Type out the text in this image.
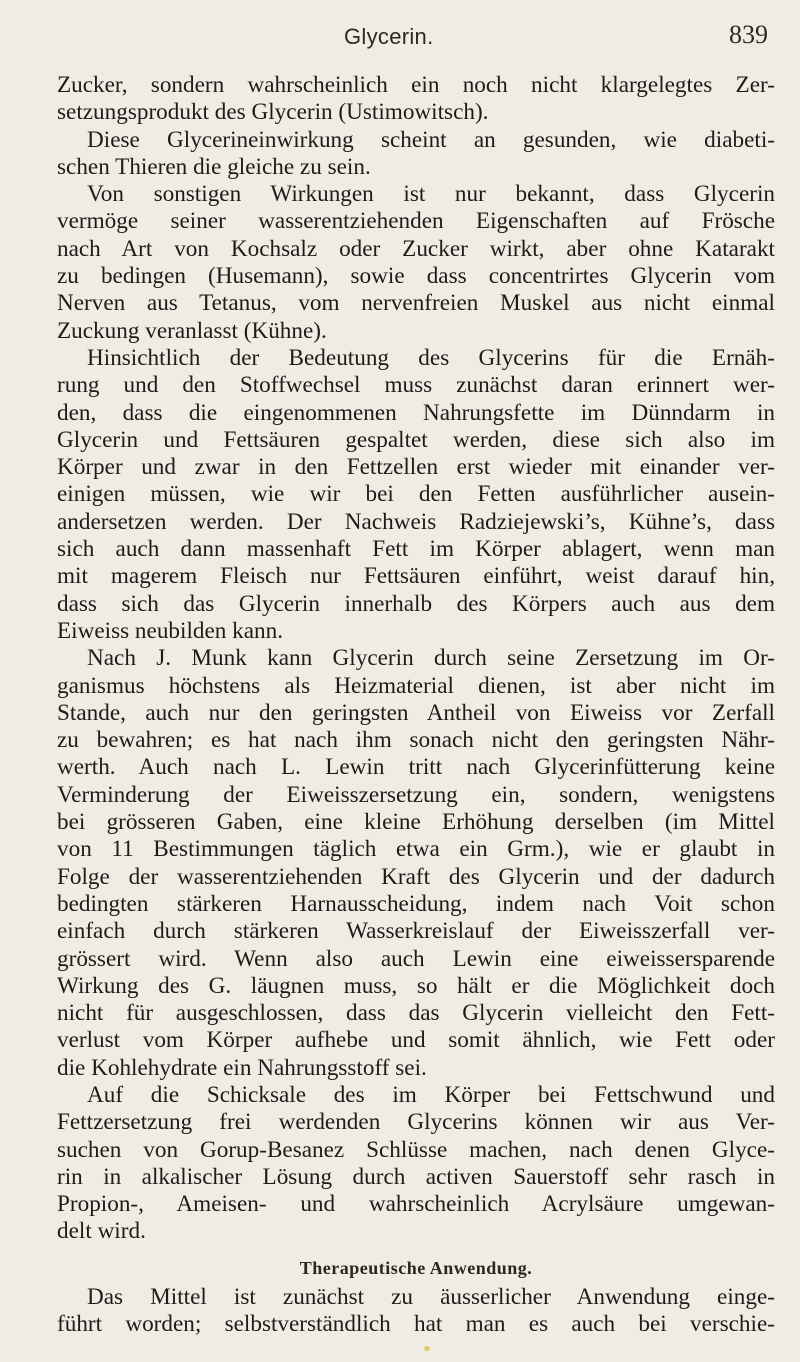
Glycerin.	839
Zucker, sondern wahrscheinlich ein noch nicht klargelegtes Zer-
setzungsprodukt des Glycerin (Ustimowitsch).
Diese Glycerineinwirkung scheint an gesunden, wie diabeti-
schen Thieren die gleiche zu sein.
Von sonstigen Wirkungen ist nur bekannt, dass Glycerin
vermöge seiner wasserentziehenden Eigenschaften auf Frösche
nach Art von Kochsalz oder Zucker wirkt, aber ohne Katarakt
zu bedingen (Husemann), sowie dass concentrirtes Glycerin vom
Nerven aus Tetanus, vom nervenfreien Muskel aus nicht einmal
Zuckung veranlasst (Kühne).
Hinsichtlich der Bedeutung des Glycerins für die Ernäh-
rung und den Stoffwechsel muss zunächst daran erinnert wer-
den, dass die eingenommenen Nahrungsfette im Dünndarm in
Glycerin und Fettsäuren gespaltet werden, diese sich also im
Körper und zwar in den Fettzellen erst wieder mit einander ver-
einigen müssen, wie wir bei den Fetten ausführlicher ausein-
andersetzen werden. Der Nachweis Radziejewski’s, Kühne’s, dass
sich auch dann massenhaft Fett im Körper ablagert, wenn man
mit magerem Fleisch nur Fettsäuren einführt, weist darauf hin,
dass sich das Glycerin innerhalb des Körpers auch aus dem
Eiweiss neubilden kann.
Nach J. Munk kann Glycerin durch seine Zersetzung im Or-
ganismus höchstens als Heizmaterial dienen, ist aber nicht im
Stande, auch nur den geringsten Antheil von Eiweiss vor Zerfall
zu bewahren; es hat nach ihm sonach nicht den geringsten Nähr-
werth. Auch nach L. Lewin tritt nach Glycerinfütterung keine
Verminderung der Eiweisszersetzung ein, sondern, wenigstens
bei grösseren Gaben, eine kleine Erhöhung derselben (im Mittel
von 11 Bestimmungen täglich etwa ein Grm.), wie er glaubt in
Folge der wasserentziehenden Kraft des Glycerin und der dadurch
bedingten stärkeren Harnausscheidung, indem nach Voit schon
einfach durch stärkeren Wasserkreislauf der Eiweisszerfall ver-
grössert wird. Wenn also auch Lewin eine eiweissersparende
Wirkung des G. läugnen muss, so hält er die Möglichkeit doch
nicht für ausgeschlossen, dass das Glycerin vielleicht den Fett-
verlust vom Körper aufhebe und somit ähnlich, wie Fett oder
die Kohlehydrate ein Nahrungsstoff sei.
Auf die Schicksale des im Körper bei Fettschwund und
Fettzersetzung frei werdenden Glycerins können wir aus Ver-
suchen von Gorup-Besanez Schlüsse machen, nach denen Glyce-
rin in alkalischer Lösung durch activen Sauerstoff sehr rasch in
Propion-, Ameisen- und wahrscheinlich Acrylsäure umgewan-
delt wird.
Therapeutische Anwendung.
Das Mittel ist zunächst zu äusserlicher Anwendung einge-
führt worden; selbstverständlich hat man es auch bei verschie-
